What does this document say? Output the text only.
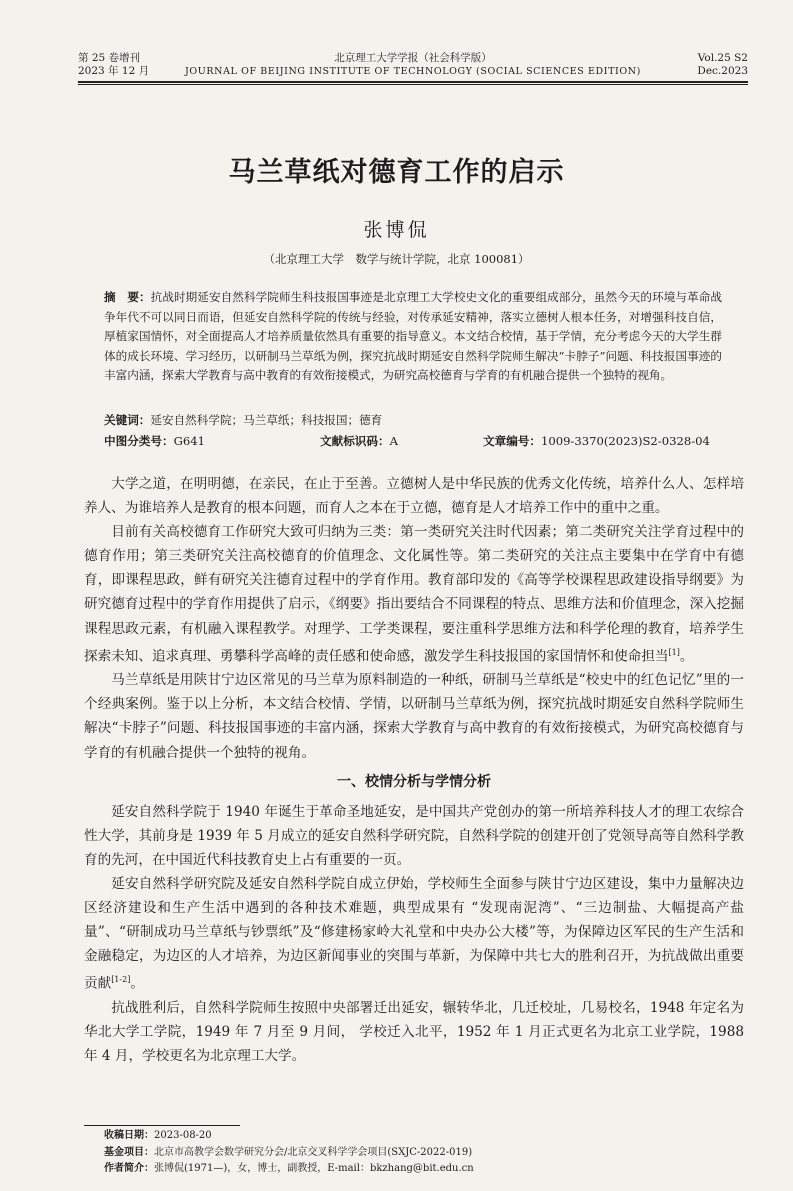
第 25 卷增刊
2023 年 12 月
北京理工大学学报（社会科学版）
JOURNAL OF BEIJING INSTITUTE OF TECHNOLOGY (SOCIAL SCIENCES EDITION)
Vol.25 S2
Dec.2023
马兰草纸对德育工作的启示
张博侃
（北京理工大学　数学与统计学院，北京 100081）
摘　要：抗战时期延安自然科学院师生科技报国事迹是北京理工大学校史文化的重要组成部分，虽然今天的环境与革命战争年代不可以同日而语，但延安自然科学院的传统与经验，对传承延安精神，落实立德树人根本任务，对增强科技自信，厚植家国情怀，对全面提高人才培养质量依然具有重要的指导意义。本文结合校情，基于学情，充分考虑今天的大学生群体的成长环境、学习经历，以研制马兰草纸为例，探究抗战时期延安自然科学院师生解决“卡脖子”问题、科技报国事迹的丰富内涵，探索大学教育与高中教育的有效衔接模式，为研究高校德育与学育的有机融合提供一个独特的视角。
关键词：延安自然科学院；马兰草纸；科技报国；德育
中图分类号：G641	文献标识码：A	文章编号：1009-3370(2023)S2-0328-04

大学之道，在明明德，在亲民，在止于至善。立德树人是中华民族的优秀文化传统，培养什么人、怎样培养人、为谁培养人是教育的根本问题，而育人之本在于立德，德育是人才培养工作中的重中之重。

目前有关高校德育工作研究大致可归纳为三类：第一类研究关注时代因素；第二类研究关注学育过程中的德育作用；第三类研究关注高校德育的价值理念、文化属性等。第二类研究的关注点主要集中在学育中有德育，即课程思政，鲜有研究关注德育过程中的学育作用。教育部印发的《高等学校课程思政建设指导纲要》为研究德育过程中的学育作用提供了启示，《纲要》指出要结合不同课程的特点、思维方法和价值理念，深入挖掘课程思政元素，有机融入课程教学。对理学、工学类课程，要注重科学思维方法和科学伦理的教育，培养学生探索未知、追求真理、勇攀科学高峰的责任感和使命感，激发学生科技报国的家国情怀和使命担当[1]。

马兰草纸是用陕甘宁边区常见的马兰草为原料制造的一种纸，研制马兰草纸是“校史中的红色记忆”里的一个经典案例。鉴于以上分析，本文结合校情、学情，以研制马兰草纸为例，探究抗战时期延安自然科学院师生解决“卡脖子”问题、科技报国事迹的丰富内涵，探索大学教育与高中教育的有效衔接模式，为研究高校德育与学育的有机融合提供一个独特的视角。

一、校情分析与学情分析

延安自然科学院于 1940 年诞生于革命圣地延安，是中国共产党创办的第一所培养科技人才的理工农综合性大学，其前身是 1939 年 5 月成立的延安自然科学研究院，自然科学院的创建开创了党领导高等自然科学教育的先河，在中国近代科技教育史上占有重要的一页。

延安自然科学研究院及延安自然科学院自成立伊始，学校师生全面参与陕甘宁边区建设，集中力量解决边区经济建设和生产生活中遇到的各种技术难题，典型成果有 “发现南泥湾”、“三边制盐、大幅提高产盐量”、“研制成功马兰草纸与钞票纸”及“修建杨家岭大礼堂和中央办公大楼”等，为保障边区军民的生产生活和金融稳定，为边区的人才培养，为边区新闻事业的突围与革新，为保障中共七大的胜利召开，为抗战做出重要贡献[1-2]。

抗战胜利后，自然科学院师生按照中央部署迁出延安，辗转华北，几迁校址，几易校名，1948 年定名为华北大学工学院，1949 年 7 月至 9 月间， 学校迁入北平，1952 年 1 月正式更名为北京工业学院，1988 年 4 月，学校更名为北京理工大学。

收稿日期：2023-08-20
基金项目：北京市高教学会数学研究分会/北京交叉科学学会项目(SXJC-2022-019)
作者简介：张博侃(1971—)，女，博士，副教授，E-mail：bkzhang@bit.edu.cn
